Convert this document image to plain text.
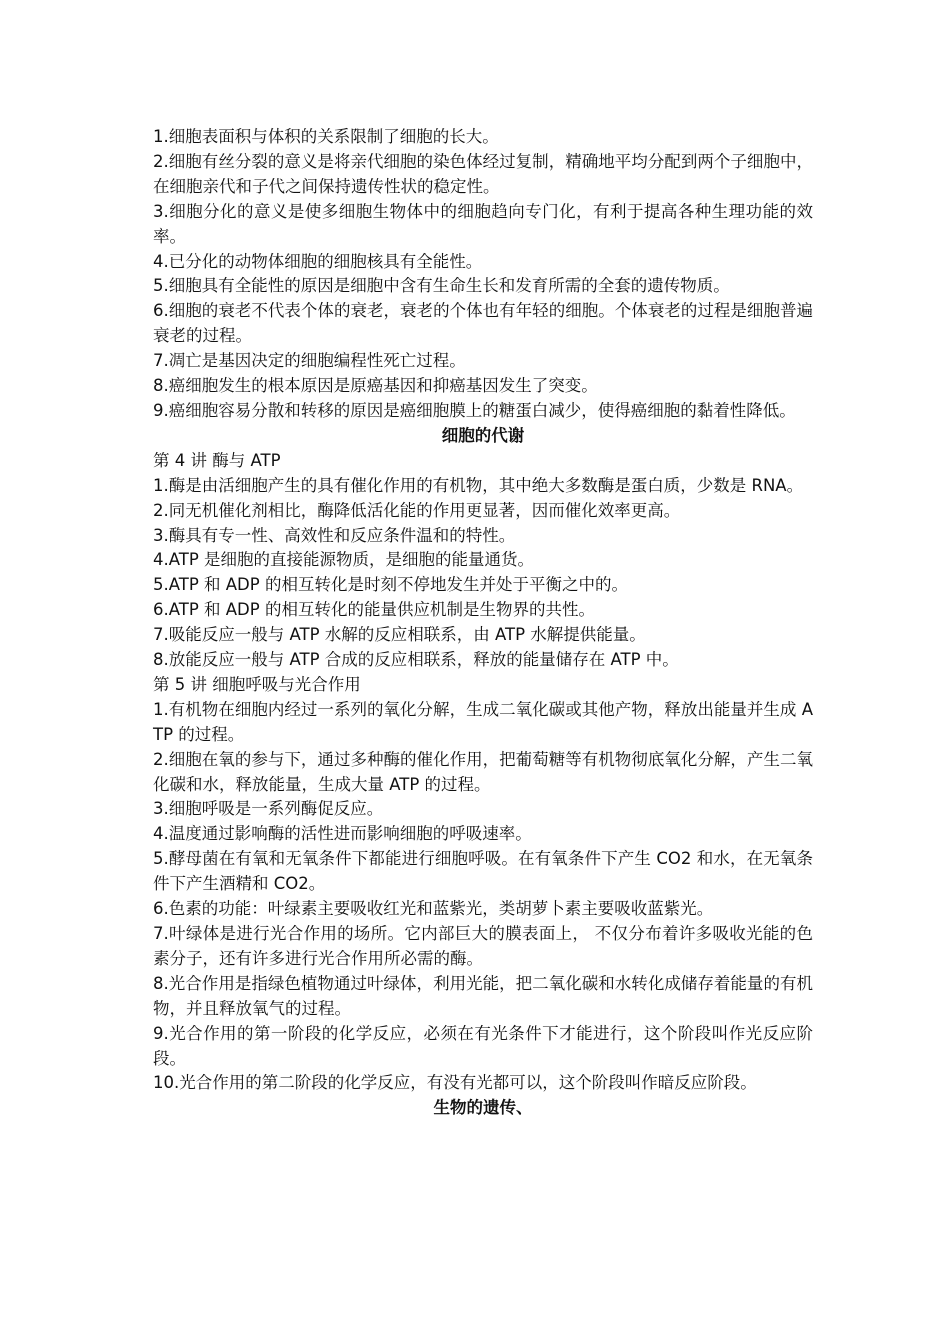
1.细胞表面积与体积的关系限制了细胞的长大。

2.细胞有丝分裂的意义是将亲代细胞的染色体经过复制，精确地平均分配到两个子细胞中，在细胞亲代和子代之间保持遗传性状的稳定性。

3.细胞分化的意义是使多细胞生物体中的细胞趋向专门化，有利于提高各种生理功能的效率。

4.已分化的动物体细胞的细胞核具有全能性。

5.细胞具有全能性的原因是细胞中含有生命生长和发育所需的全套的遗传物质。

6.细胞的衰老不代表个体的衰老，衰老的个体也有年轻的细胞。个体衰老的过程是细胞普遍衰老的过程。

7.凋亡是基因决定的细胞编程性死亡过程。

8.癌细胞发生的根本原因是原癌基因和抑癌基因发生了突变。

9.癌细胞容易分散和转移的原因是癌细胞膜上的糖蛋白减少，使得癌细胞的黏着性降低。

细胞的代谢

第 4 讲 酶与 ATP

1.酶是由活细胞产生的具有催化作用的有机物，其中绝大多数酶是蛋白质，少数是 RNA。

2.同无机催化剂相比，酶降低活化能的作用更显著，因而催化效率更高。

3.酶具有专一性、高效性和反应条件温和的特性。

4.ATP 是细胞的直接能源物质，是细胞的能量通货。

5.ATP 和 ADP 的相互转化是时刻不停地发生并处于平衡之中的。

6.ATP 和 ADP 的相互转化的能量供应机制是生物界的共性。

7.吸能反应一般与 ATP 水解的反应相联系，由 ATP 水解提供能量。

8.放能反应一般与 ATP 合成的反应相联系，释放的能量储存在 ATP 中。

第 5 讲 细胞呼吸与光合作用

1.有机物在细胞内经过一系列的氧化分解，生成二氧化碳或其他产物，释放出能量并生成 ATP 的过程。

2.细胞在氧的参与下，通过多种酶的催化作用，把葡萄糖等有机物彻底氧化分解，产生二氧化碳和水，释放能量，生成大量 ATP 的过程。

3.细胞呼吸是一系列酶促反应。

4.温度通过影响酶的活性进而影响细胞的呼吸速率。

5.酵母菌在有氧和无氧条件下都能进行细胞呼吸。在有氧条件下产生 CO2 和水，在无氧条件下产生酒精和 CO2。

6.色素的功能：叶绿素主要吸收红光和蓝紫光，类胡萝卜素主要吸收蓝紫光。

7.叶绿体是进行光合作用的场所。它内部巨大的膜表面上， 不仅分布着许多吸收光能的色素分子，还有许多进行光合作用所必需的酶。

8.光合作用是指绿色植物通过叶绿体，利用光能，把二氧化碳和水转化成储存着能量的有机物，并且释放氧气的过程。

9.光合作用的第一阶段的化学反应，必须在有光条件下才能进行，这个阶段叫作光反应阶段。

10.光合作用的第二阶段的化学反应，有没有光都可以，这个阶段叫作暗反应阶段。

生物的遗传、
